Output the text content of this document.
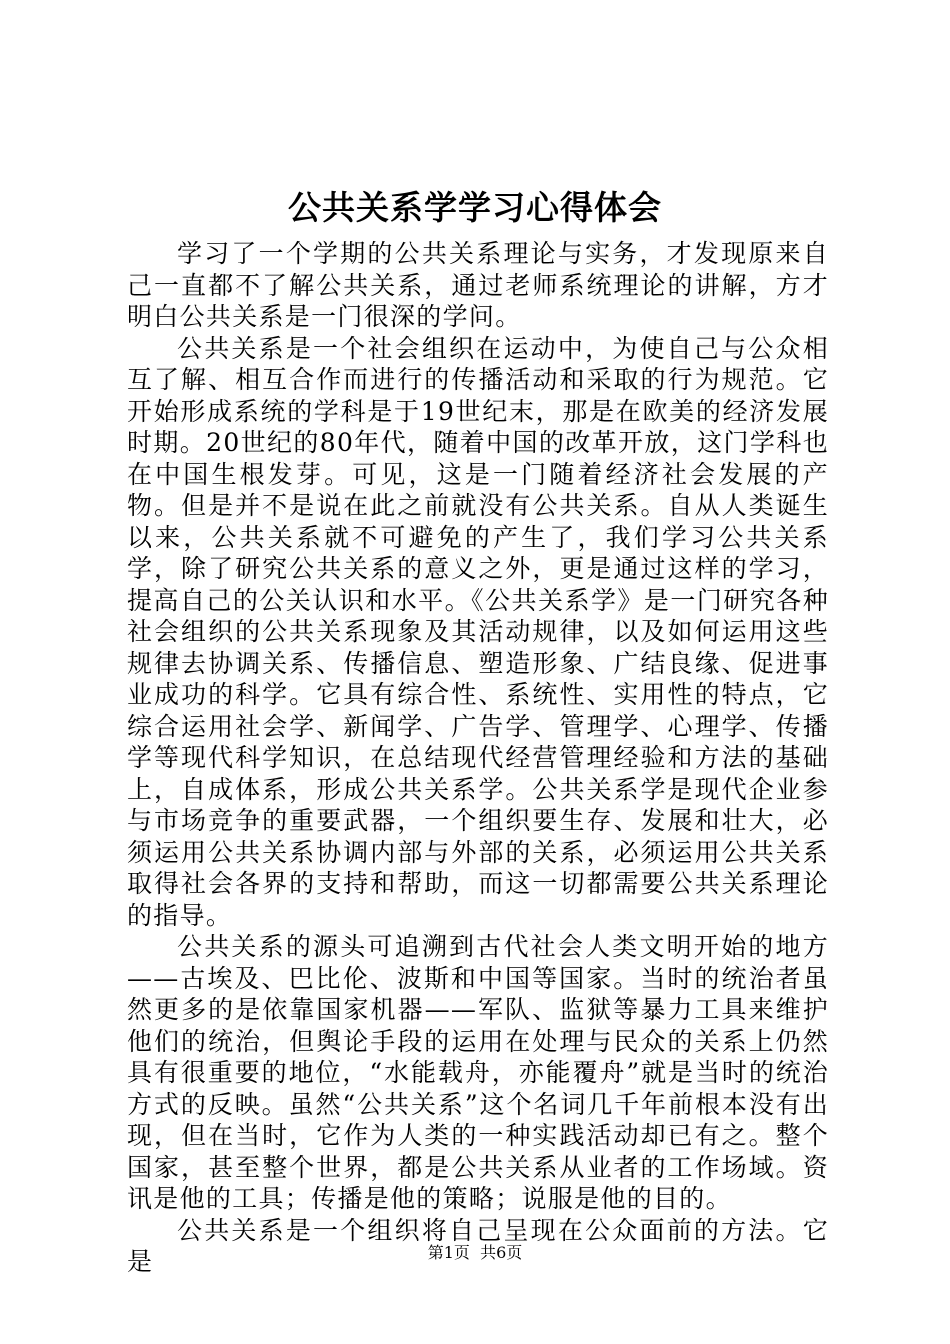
公共关系学学习心得体会

学习了一个学期的公共关系理论与实务，才发现原来自己一直都不了解公共关系，通过老师系统理论的讲解，方才明白公共关系是一门很深的学问。

公共关系是一个社会组织在运动中，为使自己与公众相互了解、相互合作而进行的传播活动和采取的行为规范。它开始形成系统的学科是于19世纪末，那是在欧美的经济发展时期。20世纪的80年代，随着中国的改革开放，这门学科也在中国生根发芽。可见，这是一门随着经济社会发展的产物。但是并不是说在此之前就没有公共关系。自从人类诞生以来，公共关系就不可避免的产生了，我们学习公共关系学，除了研究公共关系的意义之外，更是通过这样的学习，提高自己的公关认识和水平。《公共关系学》是一门研究各种社会组织的公共关系现象及其活动规律，以及如何运用这些规律去协调关系、传播信息、塑造形象、广结良缘、促进事业成功的科学。它具有综合性、系统性、实用性的特点，它综合运用社会学、新闻学、广告学、管理学、心理学、传播学等现代科学知识，在总结现代经营管理经验和方法的基础上，自成体系，形成公共关系学。公共关系学是现代企业参与市场竞争的重要武器，一个组织要生存、发展和壮大，必须运用公共关系协调内部与外部的关系，必须运用公共关系取得社会各界的支持和帮助，而这一切都需要公共关系理论的指导。

公共关系的源头可追溯到古代社会人类文明开始的地方——古埃及、巴比伦、波斯和中国等国家。当时的统治者虽然更多的是依靠国家机器——军队、监狱等暴力工具来维护他们的统治，但舆论手段的运用在处理与民众的关系上仍然具有很重要的地位，“水能载舟，亦能覆舟”就是当时的统治方式的反映。虽然“公共关系”这个名词几千年前根本没有出现，但在当时，它作为人类的一种实践活动却已有之。整个国家，甚至整个世界，都是公共关系从业者的工作场域。资讯是他的工具；传播是他的策略；说服是他的目的。

公共关系是一个组织将自己呈现在公众面前的方法。它是	第1页 共6页
